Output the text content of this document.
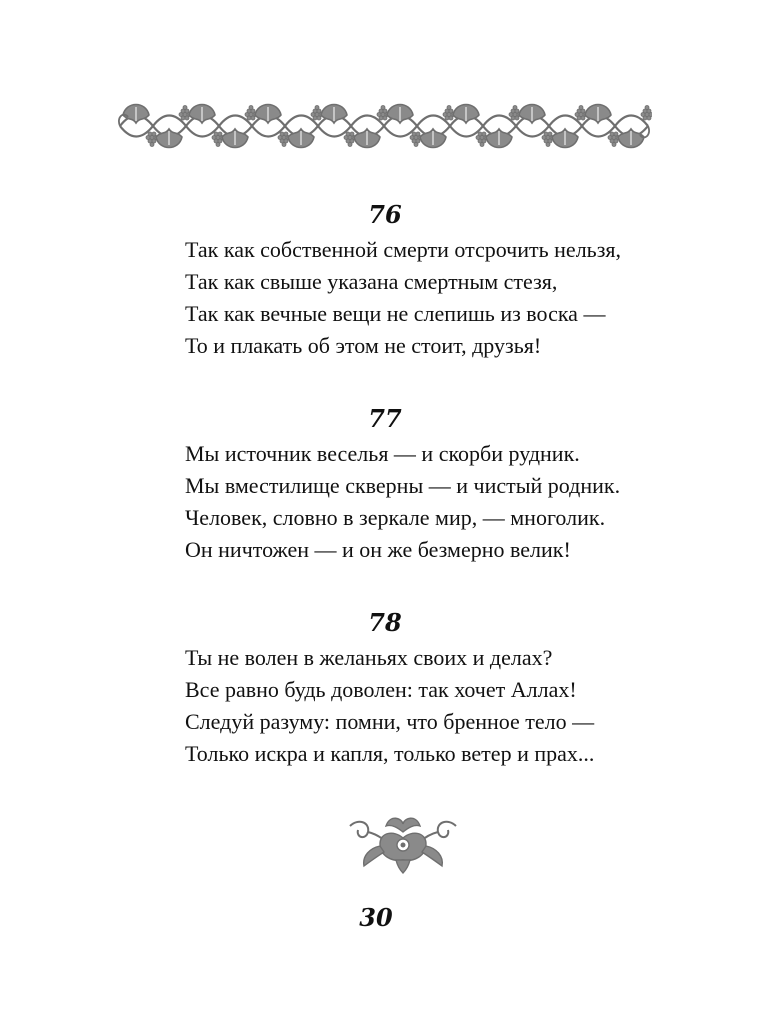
76

Так как собственной смерти отсрочить нельзя,

Так как свыше указана смертным стезя,

Так как вечные вещи не слепишь из воска —

То и плакать об этом не стоит, друзья!

77

Мы источник веселья — и скорби рудник.

Мы вместилище скверны — и чистый родник.

Человек, словно в зеркале мир, — многолик.

Он ничтожен — и он же безмерно велик!

78

Ты не волен в желаньях своих и делах?

Все равно будь доволен: так хочет Аллах!

Следуй разуму: помни, что бренное тело —

Только искра и капля, только ветер и прах...

30
